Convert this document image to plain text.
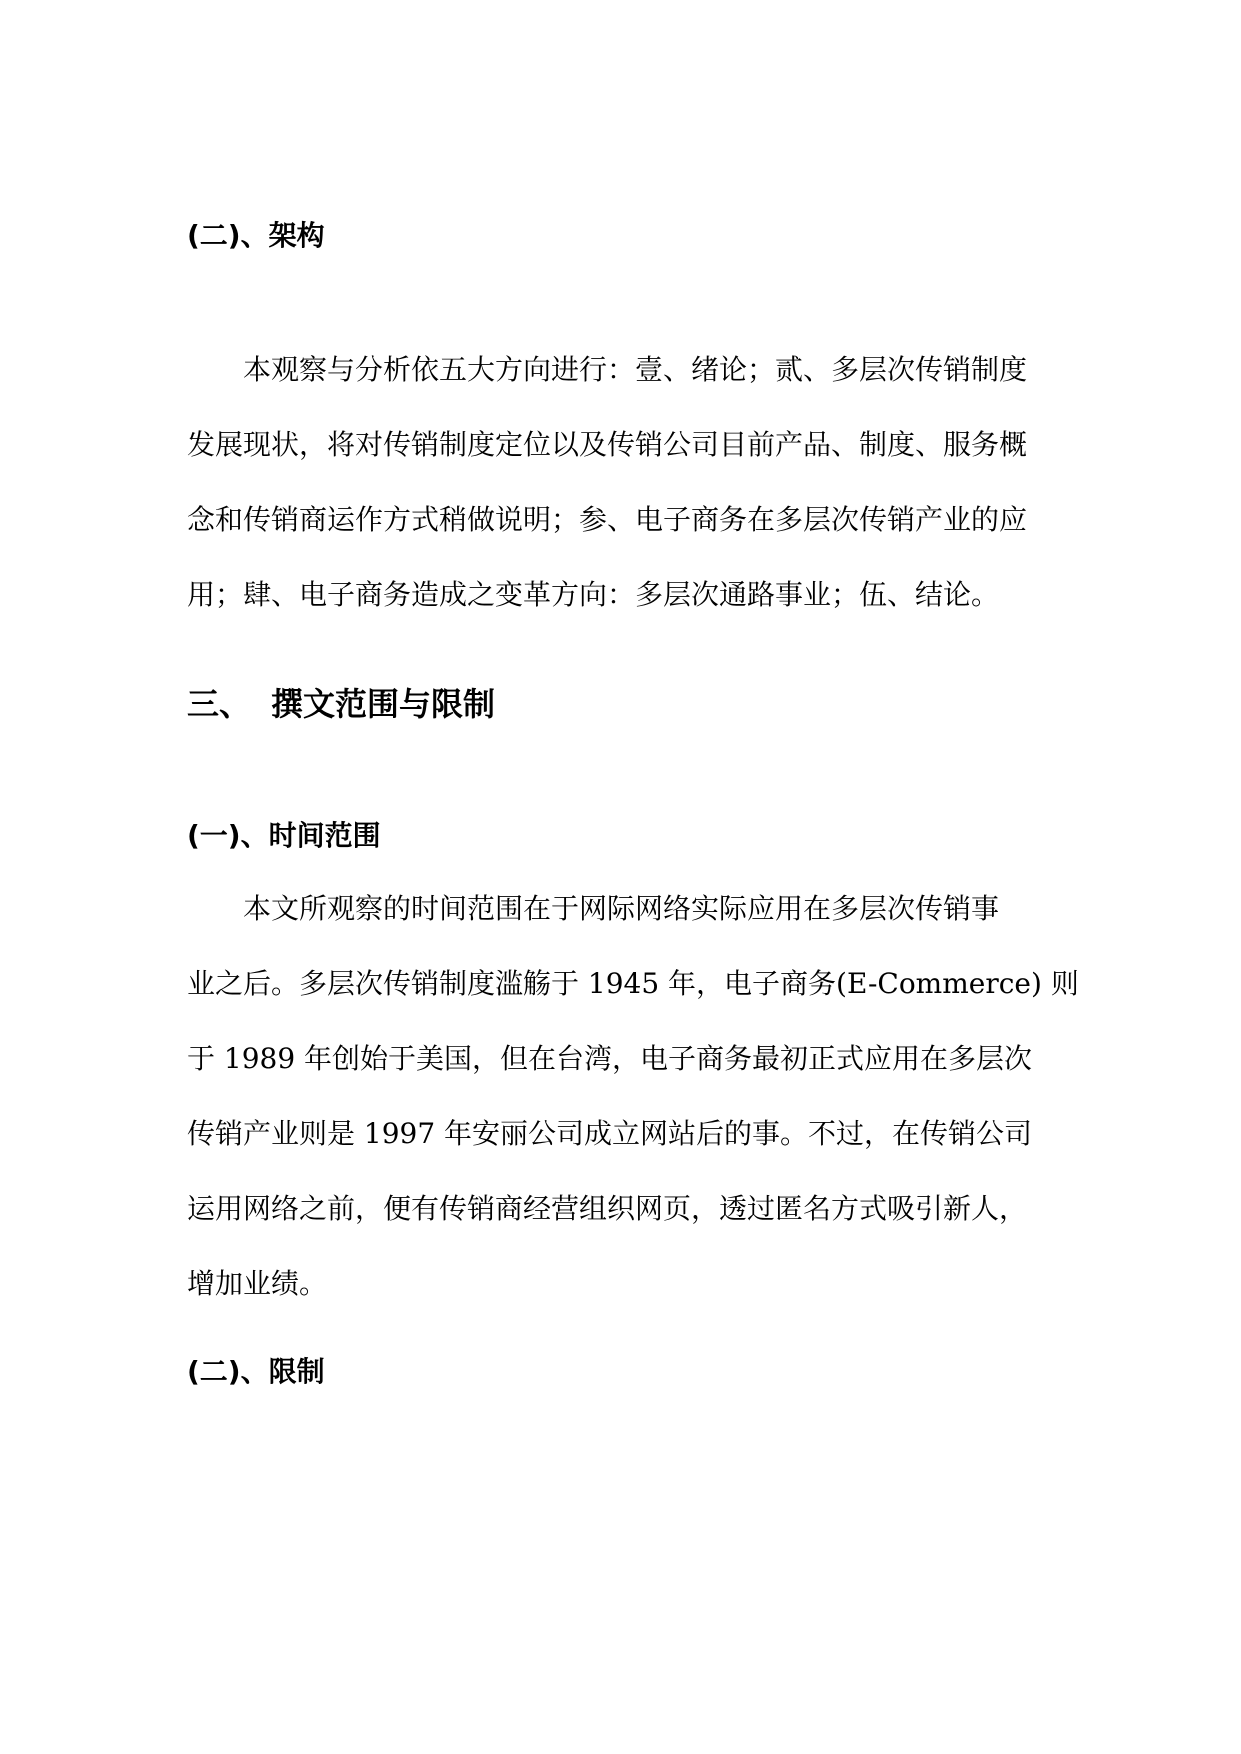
(二)、架构
本观察与分析依五大方向进行：壹、绪论；贰、多层次传销制度
发展现状，将对传销制度定位以及传销公司目前产品、制度、服务概
念和传销商运作方式稍做说明；参、电子商务在多层次传销产业的应
用；肆、电子商务造成之变革方向：多层次通路事业；伍、结论。
三、 撰文范围与限制
(一)、时间范围
本文所观察的时间范围在于网际网络实际应用在多层次传销事
业之后。多层次传销制度滥觞于 1945 年，电子商务(E-Commerce) 则
于 1989 年创始于美国，但在台湾，电子商务最初正式应用在多层次
传销产业则是 1997 年安丽公司成立网站后的事。不过，在传销公司
运用网络之前，便有传销商经营组织网页，透过匿名方式吸引新人，
增加业绩。
(二)、限制
